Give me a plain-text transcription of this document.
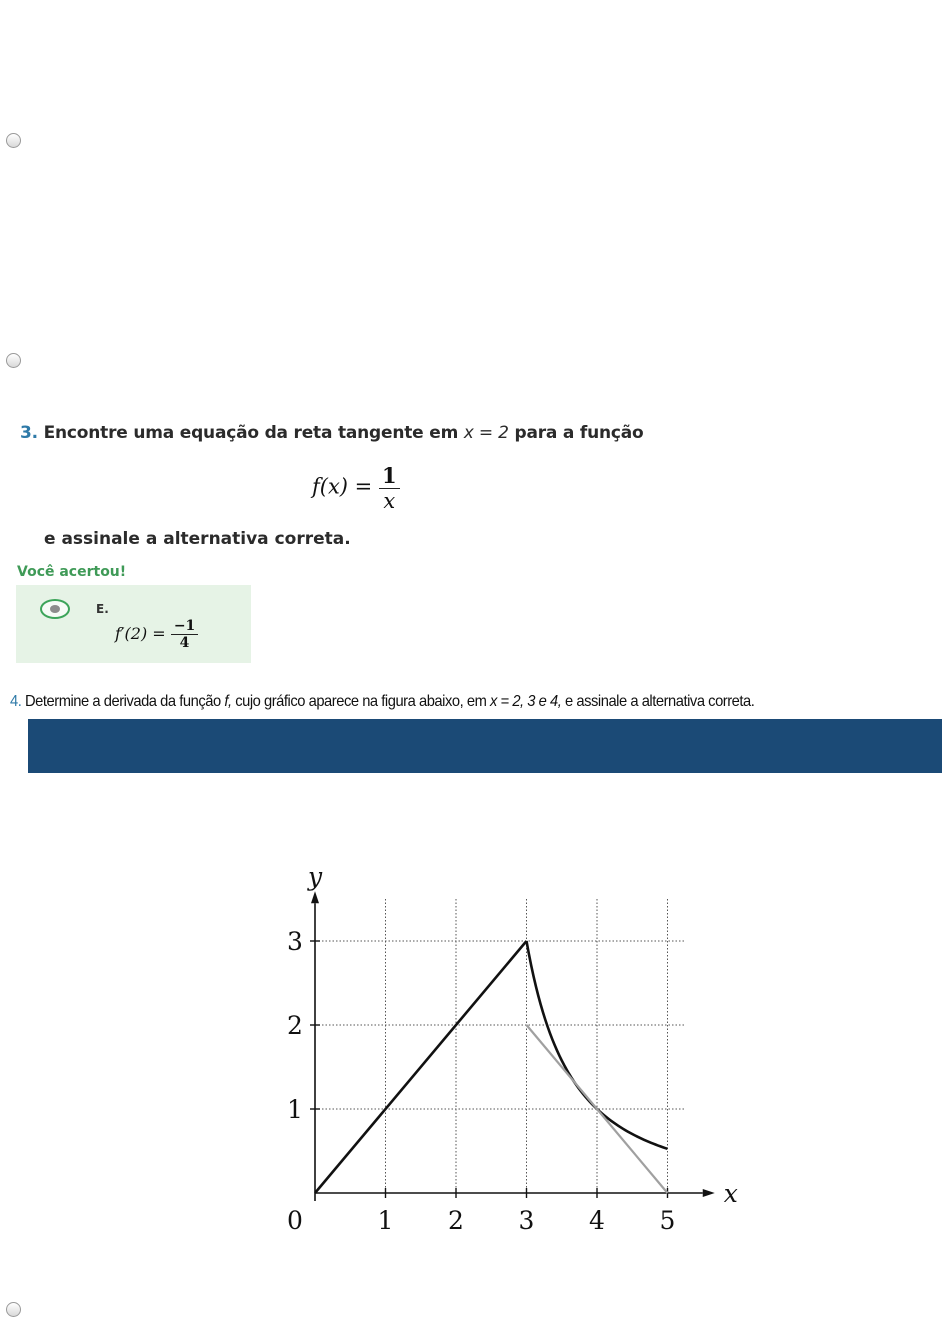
3. Encontre uma equação da reta tangente em x = 2 para a função
$f(x) = \frac{1}{x}$
e assinale a alternativa correta.
Você acertou!
E.
$f'(2) = \frac{-1}{4}$
4. Determine a derivada da função f, cujo gráfico aparece na figura abaixo, em x = 2, 3 e 4, e assinale a alternativa correta.
0	1 2 3 4 5
1
2
3
x
y
